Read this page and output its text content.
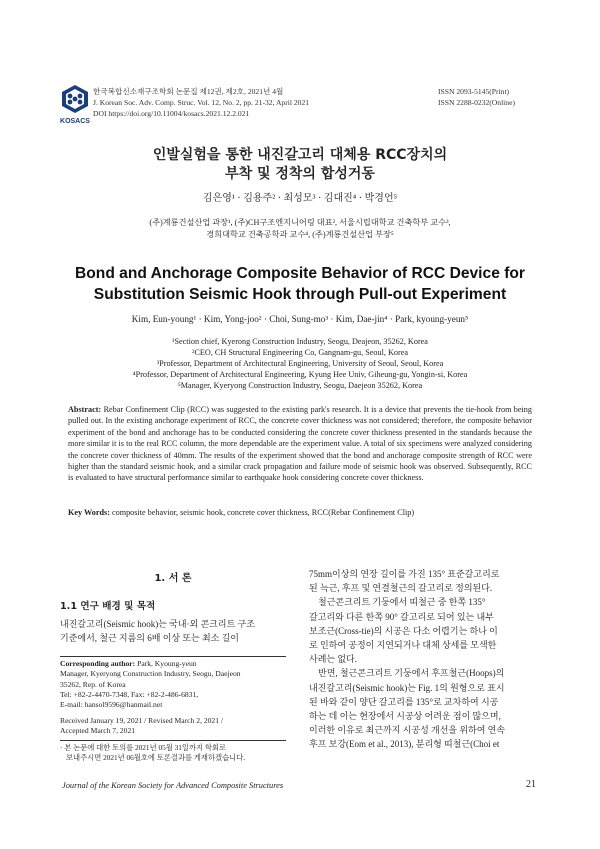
KOSACS
한국복합신소재구조학회 논문집 제12권, 제2호, 2021년 4월
J. Korean Soc. Adv. Comp. Struc. Vol. 12, No. 2, pp. 21-32, April 2021
DOI https://doi.org/10.11004/kosacs.2021.12.2.021
ISSN 2093-5145(Print)
ISSN 2288-0232(Online)
인발실험을 통한 내진갈고리 대체용 RCC장치의
부착 및 정착의 합성거동
김은영¹ · 김용주² · 최성모³ · 김대진⁴ · 박경언⁵
(주)계룡건설산업 과장¹, (주)CH구조엔지니어링 대표², 서울시립대학교 건축학부 교수³,
경희대학교 건축공학과 교수⁴, (주)계룡건설산업 부장⁵
Bond and Anchorage Composite Behavior of RCC Device for
Substitution Seismic Hook through Pull-out Experiment
Kim, Eun-young¹ · Kim, Yong-joo² · Choi, Sung-mo³ · Kim, Dae-jin⁴ · Park, kyoung-yeun⁵
¹Section chief, Kyerong Construction Industry, Seogu, Deajeon, 35262, Korea
²CEO, CH Structural Engineering Co, Gangnam-gu, Seoul, Korea
³Professor, Department of Architectural Engineering, University of Seoul, Seoul, Korea
⁴Professor, Department of Architectural Engineering, Kyung Hee Univ, Giheung-gu, Yongin-si, Korea
⁵Manager, Kyeryong Construction Industry, Seogu, Daejeon 35262, Korea
Abstract: Rebar Confinement Clip (RCC) was suggested to the existing park's research. It is a device that prevents the tie-hook from being pulled out. In the existing anchorage experiment of RCC, the concrete cover thickness was not considered; therefore, the composite behavior experiment of the bond and anchorage has to be conducted considering the concrete cover thickness presented in the standards because the more similar it is to the real RCC column, the more dependable are the experiment value. A total of six specimens were analyzed considering the concrete cover thickness of 40mm. The results of the experiment showed that the bond and anchorage composite strength of RCC were higher than the standard seismic hook, and a similar crack propagation and failure mode of seismic hook was observed. Subsequently, RCC is evaluated to have structural performance similar to earthquake hook considering concrete cover thickness.
Key Words: composite behavior, seismic hook, concrete cover thickness, RCC(Rebar Confinement Clip)
1. 서 론
1.1 연구 배경 및 목적

내진갈고리(Seismic hook)는 국내·외 콘크리트 구조

기준에서, 철근 지름의 6배 이상 또는 최소 길이

Corresponding author: Park, Kyoung-yeun
Manager, Kyeryong Construction Industry, Seogu, Daejeon
35262, Rep. of Korea
Tel: +82-2-4470-7348, Fax: +82-2-486-6831,
E-mail: hansol9596@hanmail.net
Received January 19, 2021 / Revised March 2, 2021 /
Accepted March 7, 2021
· 본 논문에 대한 토의를 2021년 05월 31일까지 학회로
보내주시면 2021년 06월호에 토론결과를 게재하겠습니다.

75mm이상의 연장 길이를 가진 135° 표준갈고리로

된 늑근, 후프 및 연결철근의 갈고리로 정의된다.

철근콘크리트 기둥에서 띠철근 중 한쪽 135°

갈고리와 다른 한쪽 90° 갈고리로 되어 있는 내부

보조근(Cross-tie)의 시공은 다소 어렵기는 하나 이

로 인하여 공정이 지연되거나 대체 상세를 모색한

사례는 없다.

반면, 철근콘크리트 기둥에서 후프철근(Hoops)의

내진갈고리(Seismic hook)는 Fig. 1의 원형으로 표시

된 바와 같이 양단 갈고리를 135°로 교차하여 시공

하는 데 이는 현장에서 시공상 어려운 점이 많으며,

이러한 이유로 최근까지 시공성 개선을 위하여 연속

후프 보강(Eom et al., 2013), 분리형 띠철근(Choi et

Journal of the Korean Society for Advanced Composite Structures	21
